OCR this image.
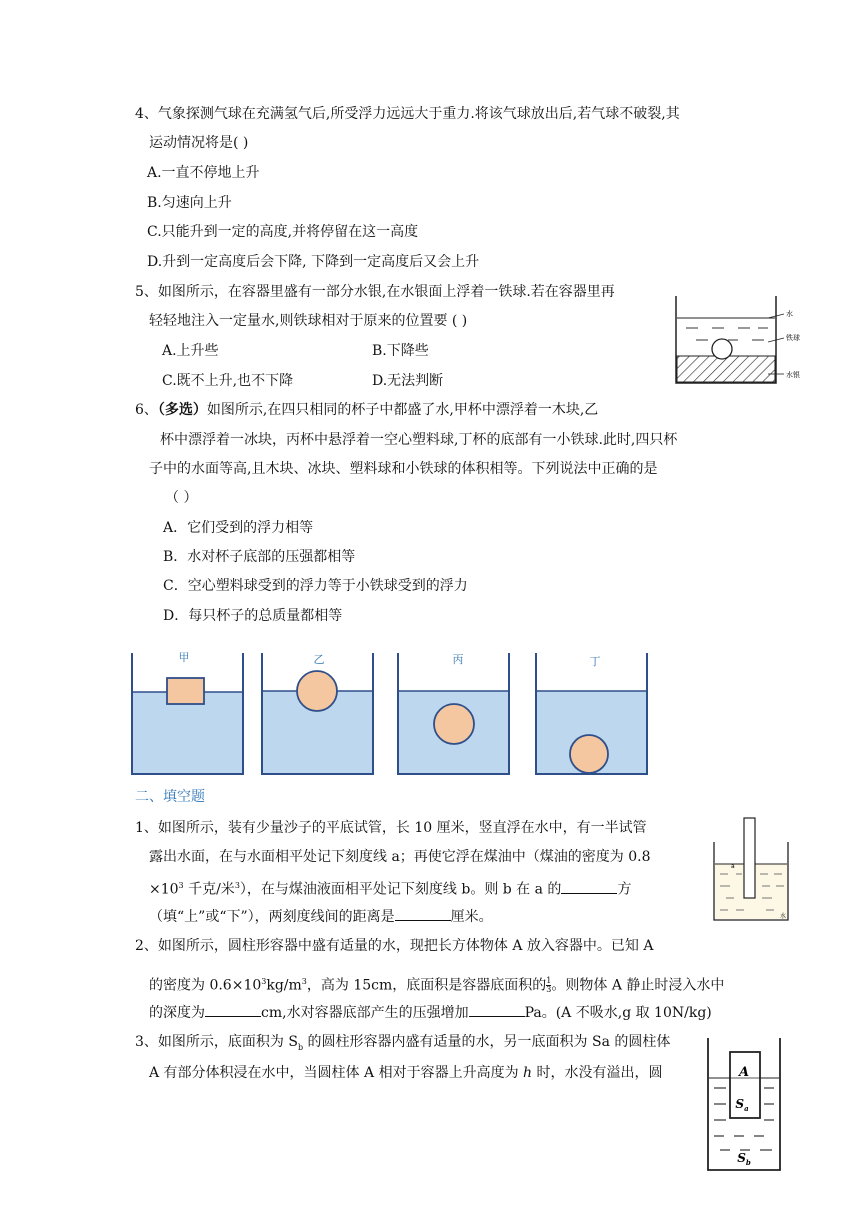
4、气象探测气球在充满氢气后,所受浮力远远大于重力.将该气球放出后,若气球不破裂,其
运动情况将是( )
A.一直不停地上升
B.匀速向上升
C.只能升到一定的高度,并将停留在这一高度
D.升到一定高度后会下降, 下降到一定高度后又会上升
5、如图所示，在容器里盛有一部分水银,在水银面上浮着一铁球.若在容器里再
轻轻地注入一定量水,则铁球相对于原来的位置要 ( )
A.上升些	B.下降些
C.既不上升,也不下降	D.无法判断
水
铁球
水银
6、（多选）如图所示,在四只相同的杯子中都盛了水,甲杯中漂浮着一木块,乙
杯中漂浮着一冰块，丙杯中悬浮着一空心塑料球,丁杯的底部有一小铁球.此时,四只杯
子中的水面等高,且木块、冰块、塑料球和小铁球的体积相等。下列说法中正确的是
（ ）
A．它们受到的浮力相等
B．水对杯子底部的压强都相等
C．空心塑料球受到的浮力等于小铁球受到的浮力
D．每只杯子的总质量都相等
甲	乙	丙	丁
二、填空题
1、如图所示，装有少量沙子的平底试管，长 10 厘米，竖直浮在水中，有一半试管
露出水面，在与水面相平处记下刻度线 a；再使它浮在煤油中（煤油的密度为 0.8
$\times 10^3$ 千克/米$^3$），在与煤油液面相平处记下刻度线 b。则 b 在 a 的	方
（填“上”或“下”），两刻度线间的距离是	厘米。
a
水
2、如图所示，圆柱形容器中盛有适量的水，现把长方体物体 A 放入容器中。已知 A
的密度为 $0.6\times 10^3kg/m^3$，高为 15cm，底面积是容器底面积的 $\frac{1}{3}$ 。则物体 A 静止时浸入水中
的深度为	cm,水对容器底部产生的压强增加	Pa。(A 不吸水,g 取 10N/kg)
3、如图所示，底面积为 $S_b$ 的圆柱形容器内盛有适量的水，另一底面积为 Sa 的圆柱体
A 有部分体积浸在水中，当圆柱体 A 相对于容器上升高度为 h 时，水没有溢出，圆	A
$S_a$
$S_b$
